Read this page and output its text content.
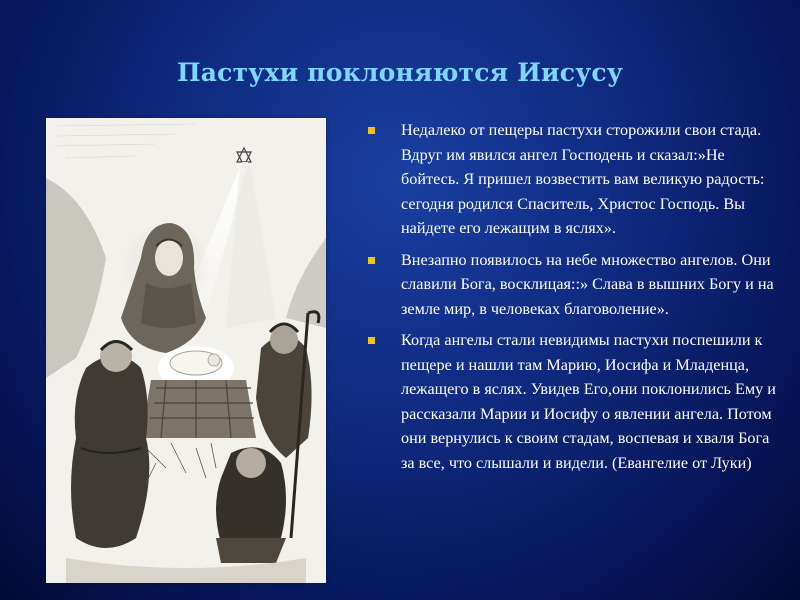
Пастухи поклоняются Иисусу
Недалеко от пещеры пастухи сторожили свои стада. Вдруг им явился ангел Господень и сказал:»Не бойтесь. Я пришел возвестить вам великую радость: сегодня родился Спаситель, Христос Господь. Вы найдете его лежащим в яслях».
Внезапно появилось на небе множество ангелов. Они славили Бога, восклицая::» Слава в вышних Богу и на земле мир, в человеках благоволение».
Когда ангелы стали невидимы пастухи поспешили к пещере и нашли там Марию, Иосифа и Младенца, лежащего в яслях. Увидев Его,они поклонились Ему и рассказали Марии и Иосифу о явлении ангела. Потом они вернулись к своим стадам, воспевая и хваля Бога за все, что слышали и видели. (Евангелие от Луки)
